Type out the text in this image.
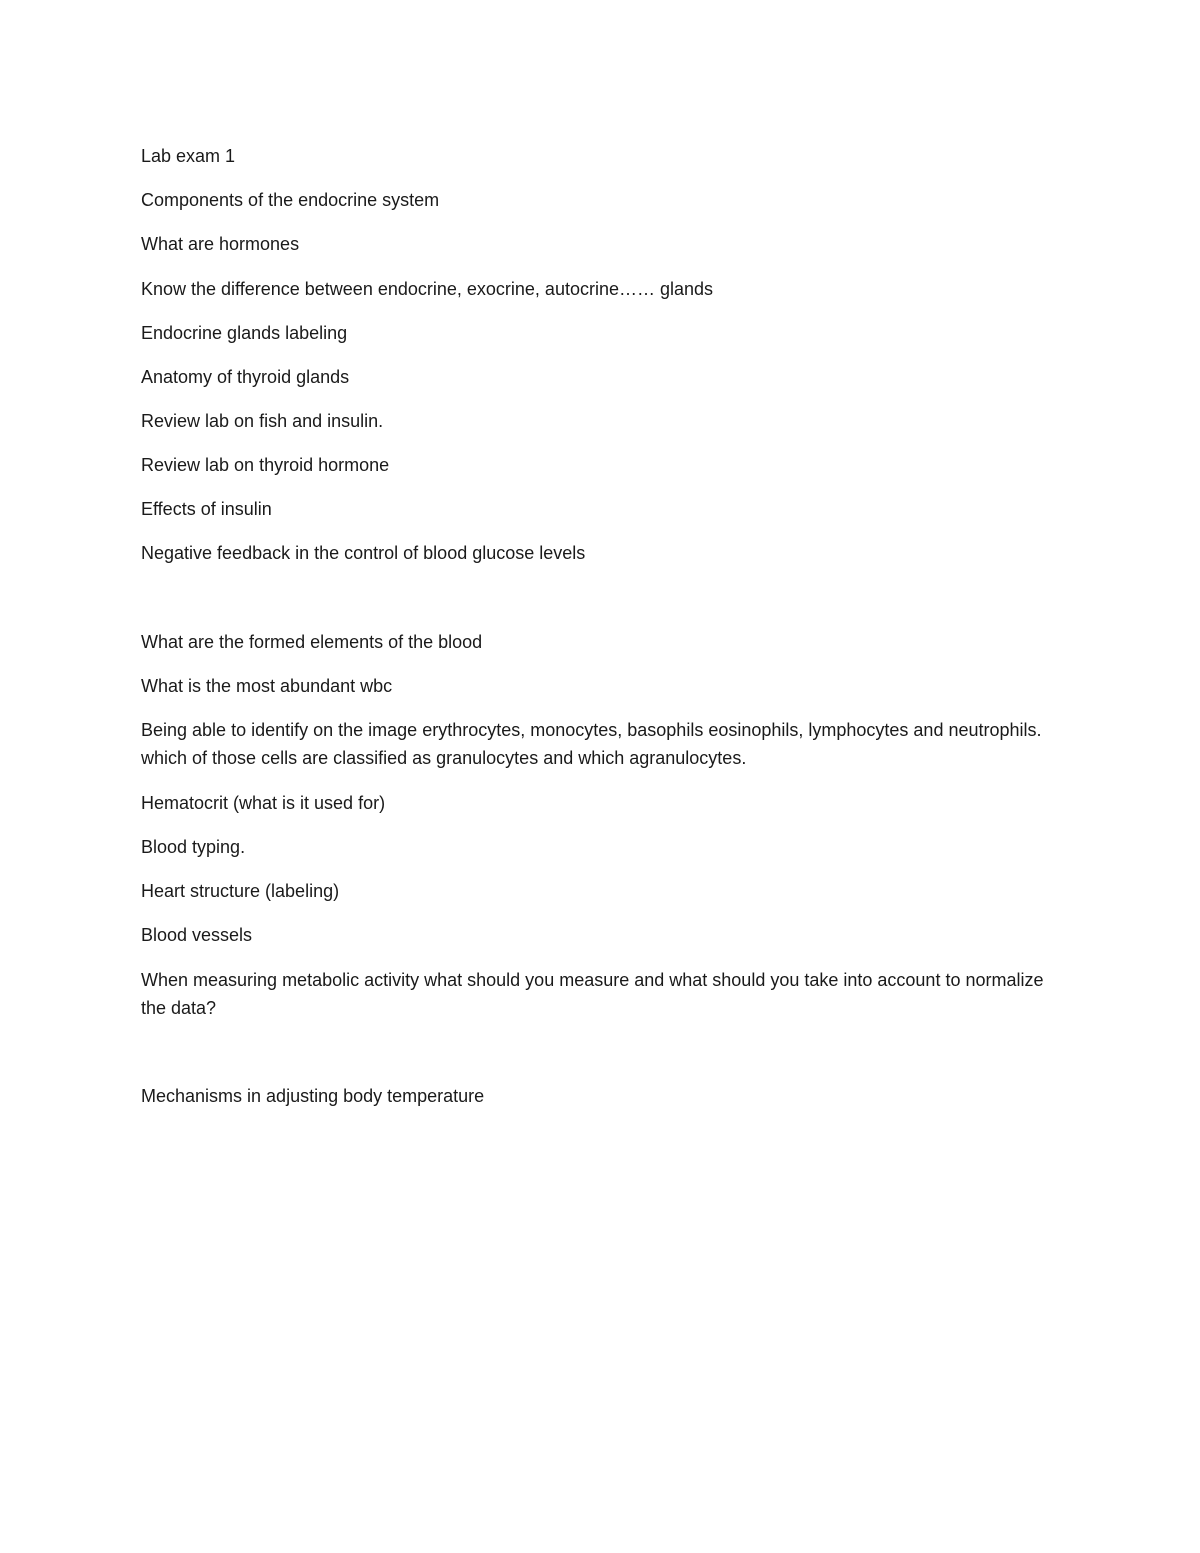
Lab exam 1

Components of the endocrine system

What are hormones

Know the difference between endocrine, exocrine, autocrine…… glands

Endocrine glands labeling

Anatomy of thyroid glands

Review lab on fish and insulin.

Review lab on thyroid hormone

Effects of insulin

Negative feedback in the control of blood glucose levels

What are the formed elements of the blood

What is the most abundant wbc

Being able to identify on the image erythrocytes, monocytes, basophils eosinophils, lymphocytes and neutrophils. which of those cells are classified as granulocytes and which agranulocytes.

Hematocrit (what is it used for)

Blood typing.

Heart structure (labeling)

Blood vessels

When measuring metabolic activity what should you measure and what should you take into account to normalize the data?

Mechanisms in adjusting body temperature
